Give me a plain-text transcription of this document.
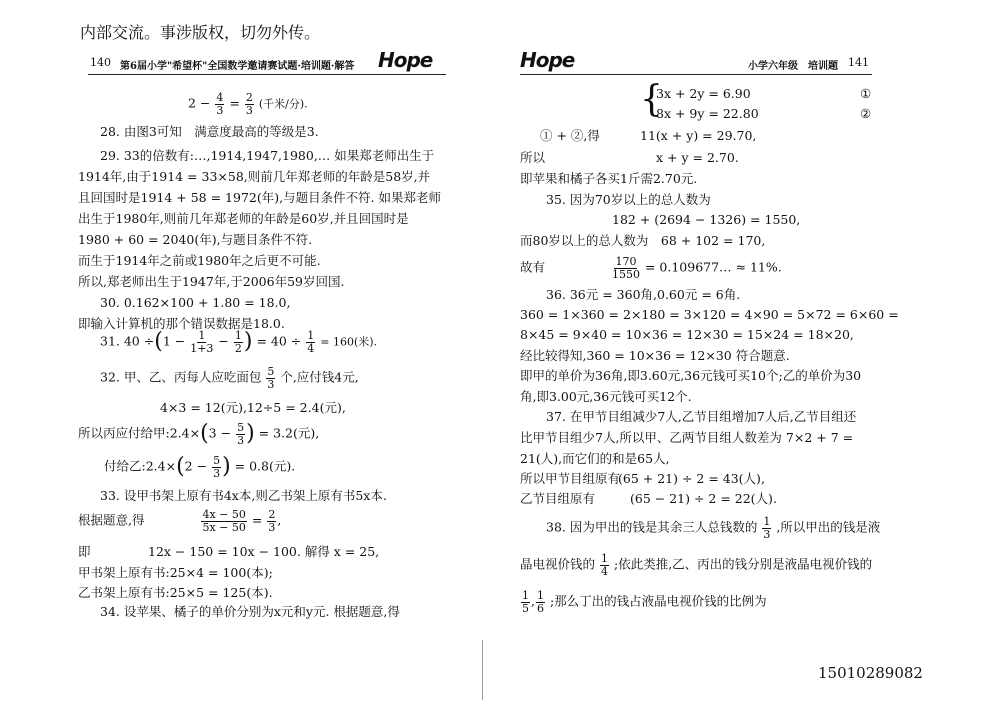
内部交流。事涉版权，切勿外传。
140 第6届小学"希望杯"全国数学邀请赛试题·培训题·解答 Hope	Hope	小学六年级　培训题 141
$2 - \frac{4}{3} = \frac{2}{3}$ (千米/分).
28. 由图3可知　满意度最高的等级是3.
29. 33的倍数有:…,1914,1947,1980,… 如果郑老师出生于
1914年,由于1914 = 33×58,则前几年郑老师的年龄是58岁,并
且回国时是1914 + 58 = 1972(年),与题目条件不符. 如果郑老师
出生于1980年,则前几年郑老师的年龄是60岁,并且回国时是
1980 + 60 = 2040(年),与题目条件不符.
而生于1914年之前或1980年之后更不可能.
所以,郑老师出生于1947年,于2006年59岁回国.
30. 0.162×100 + 1.80 = 18.0,
即输入计算机的那个错误数据是18.0.
31. $40 \div(1 - \frac{1}{1+3} - \frac{1}{2}$ ) = $40 \div \frac{1}{4} = 160$(米).
32. 甲、乙、丙每人应吃面包 $\frac{5}{3}$ 个,应付钱4元,
4×3 = 12(元),12÷5 = 2.4(元),
所以丙应付给甲:2.4×(3 − $\frac{5}{3}$ ) = 3.2(元),
付给乙:2.4×(2 − $\frac{5}{3}$ ) = 0.8(元).
33. 设甲书架上原有书4x本,则乙书架上原有书5x本.
根据题意,得	$\frac{4x - 50}{5x - 50} = \frac{2}{3}$ ,
即	12x − 150 = 10x − 100. 解得 x = 25,
甲书架上原有书:25×4 = 100(本);
乙书架上原有书:25×5 = 125(本).
34. 设苹果、橘子的单价分别为x元和y元. 根据题意,得
{
3x + 2y = 6.90	①
8x + 9y = 22.80	②
① + ②,得	11(x + y) = 29.70,
所以	x + y = 2.70.
即苹果和橘子各买1斤需2.70元.
35. 因为70岁以上的总人数为
182 + (2694 − 1326) = 1550,
而80岁以上的总人数为　68 + 102 = 170,
故有	$\frac{170}{1550}$ = 0.109677… ≈ 11%.
36. 36元 = 360角,0.60元 = 6角.
360 = 1×360 = 2×180 = 3×120 = 4×90 = 5×72 = 6×60 =
8×45 = 9×40 = 10×36 = 12×30 = 15×24 = 18×20,
经比较得知,360 = 10×36 = 12×30 符合题意.
即甲的单价为36角,即3.60元,36元钱可买10个;乙的单价为30
角,即3.00元,36元钱可买12个.
37. 在甲节目组减少7人,乙节目组增加7人后,乙节目组还
比甲节目组少7人,所以甲、乙两节目组人数差为 7×2 + 7 =
21(人),而它们的和是65人,
所以甲节目组原有
(65 + 21) ÷ 2 = 43(人),
乙节目组原有	(65 − 21) ÷ 2 = 22(人).
38. 因为甲出的钱是其余三人总钱数的 $\frac{1}{3}$ ,所以甲出的钱是液
晶电视价钱的 $\frac{1}{4}$ ;依此类推,乙、丙出的钱分别是液晶电视价钱的
$\frac{1}{5}$ , $\frac{1}{6}$ ;那么丁出的钱占液晶电视价钱的比例为
15010289082
